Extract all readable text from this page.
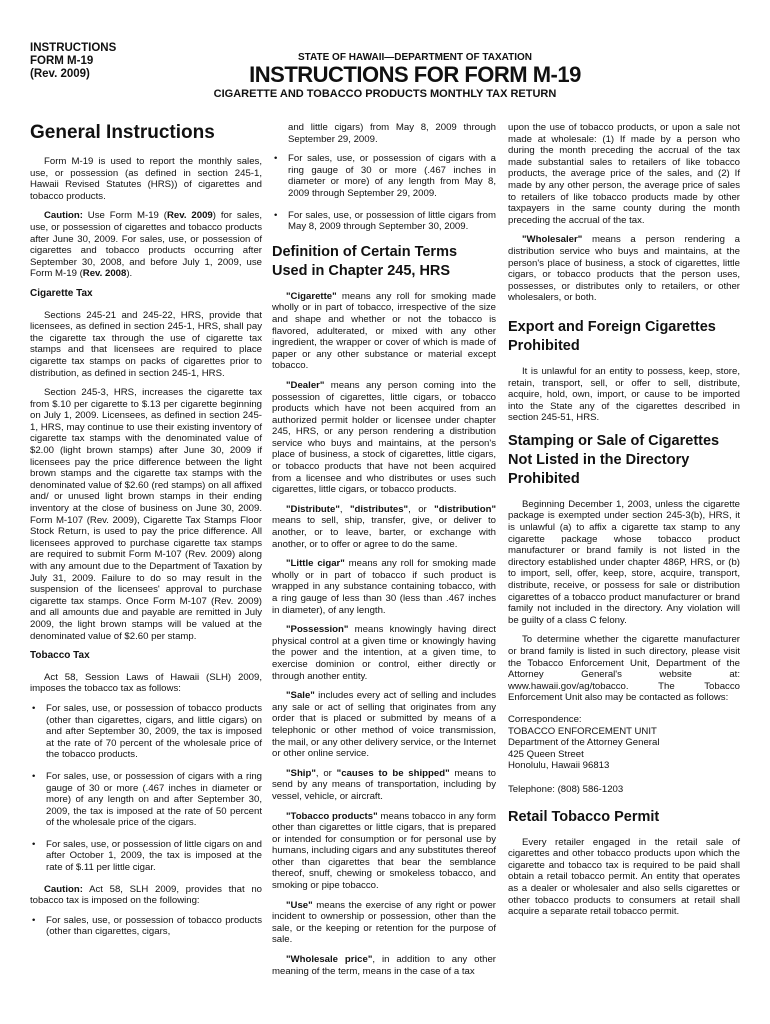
INSTRUCTIONS
FORM M-19
(Rev. 2009)
STATE OF HAWAII—DEPARTMENT OF TAXATION
INSTRUCTIONS FOR FORM M-19
CIGARETTE AND TOBACCO PRODUCTS MONTHLY TAX RETURN
General Instructions

Form M-19 is used to report the monthly sales, use, or possession (as defined in section 245-1, Hawaii Revised Statutes (HRS)) of cigarettes and tobacco products.

Caution: Use Form M-19 (Rev. 2009) for sales, use, or possession of cigarettes and tobacco products after June 30, 2009. For sales, use, or possession of cigarettes and tobacco products occurring after September 30, 2008, and before July 1, 2009, use Form M-19 (Rev. 2008).

Cigarette Tax

Sections 245-21 and 245-22, HRS, provide that licensees, as defined in section 245-1, HRS, shall pay the cigarette tax through the use of cigarette tax stamps and that licensees are required to place cigarette tax stamps on packs of cigarettes prior to distribution, as defined in section 245-1, HRS.

Section 245-3, HRS, increases the cigarette tax from $.10 per cigarette to $.13 per cigarette beginning on July 1, 2009. Licensees, as defined in section 245-1, HRS, may continue to use their existing inventory of cigarette tax stamps with the denominated value of $2.00 (light brown stamps) after June 30, 2009 if licensees pay the price difference between the light brown stamps and the cigarette tax stamps with the denominated value of $2.60 (red stamps) on all affixed and/ or unused light brown stamps in their ending inventory at the close of business on June 30, 2009. Form M-107 (Rev. 2009), Cigarette Tax Stamps Floor Stock Return, is used to pay the price difference. All licensees approved to purchase cigarette tax stamps are required to submit Form M-107 (Rev. 2009) along with any amount due to the Department of Taxation by July 31, 2009. Failure to do so may result in the suspension of the licensees' approval to purchase cigarette tax stamps. Once Form M-107 (Rev. 2009) and all amounts due and payable are remitted in July 2009, the light brown stamps will be valued at the denominated value of $2.60 per stamp.

Tobacco Tax

Act 58, Session Laws of Hawaii (SLH) 2009, imposes the tobacco tax as follows:

• For sales, use, or possession of tobacco products (other than cigarettes, cigars, and little cigars) on and after September 30, 2009, the tax is imposed at the rate of 70 percent of the wholesale price of the tobacco products.
• For sales, use, or possession of cigars with a ring gauge of 30 or more (.467 inches in diameter or more) of any length on and after September 30, 2009, the tax is imposed at the rate of 50 percent of the wholesale price of the cigars.
• For sales, use, or possession of little cigars on and after October 1, 2009, the tax is imposed at the rate of $.11 per little cigar.

Caution: Act 58, SLH 2009, provides that no tobacco tax is imposed on the following:

• For sales, use, or possession of tobacco products (other than cigarettes, cigars,

and little cigars) from May 8, 2009 through September 29, 2009.

• For sales, use, or possession of cigars with a ring gauge of 30 or more (.467 inches in diameter or more) of any length from May 8, 2009 through September 29, 2009.
• For sales, use, or possession of little cigars from May 8, 2009 through September 30, 2009.
Definition of Certain Terms Used in Chapter 245, HRS

"Cigarette" means any roll for smoking made wholly or in part of tobacco, irrespective of the size and shape and whether or not the tobacco is flavored, adulterated, or mixed with any other ingredient, the wrapper or cover of which is made of paper or any other substance or material except tobacco.

"Dealer" means any person coming into the possession of cigarettes, little cigars, or tobacco products which have not been acquired from an authorized permit holder or licensee under chapter 245, HRS, or any person rendering a distribution service who buys and maintains, at the person's place of business, a stock of cigarettes, little cigars, or tobacco products that have not been acquired from a licensee and who distributes or uses such cigarettes, little cigars, or tobacco products.

"Distribute", "distributes", or "distribution" means to sell, ship, transfer, give, or deliver to another, or to leave, barter, or exchange with another, or to offer or agree to do the same.

"Little cigar" means any roll for smoking made wholly or in part of tobacco if such product is wrapped in any substance containing tobacco, with a ring gauge of less than 30 (less than .467 inches in diameter), of any length.

"Possession" means knowingly having direct physical control at a given time or knowingly having the power and the intention, at a given time, to exercise dominion or control, either directly or through another entity.

"Sale" includes every act of selling and includes any sale or act of selling that originates from any order that is placed or submitted by means of a telephonic or other method of voice transmission, the mail, or any other delivery service, or the Internet or other online service.

"Ship", or "causes to be shipped" means to send by any means of transportation, including by vessel, vehicle, or aircraft.

"Tobacco products" means tobacco in any form other than cigarettes or little cigars, that is prepared or intended for consumption or for personal use by humans, including cigars and any substitutes thereof other than cigarettes that bear the semblance thereof, snuff, chewing or smokeless tobacco, and smoking or pipe tobacco.

"Use" means the exercise of any right or power incident to ownership or possession, other than the sale, or the keeping or retention for the purpose of sale.

"Wholesale price", in addition to any other meaning of the term, means in the case of a tax

upon the use of tobacco products, or upon a sale not made at wholesale: (1) If made by a person who during the month preceding the accrual of the tax made substantial sales to retailers of like tobacco products, the average price of the sales, and (2) If made by any other person, the average price of sales to retailers of like tobacco products made by other taxpayers in the same county during the month preceding the accrual of the tax.

"Wholesaler" means a person rendering a distribution service who buys and maintains, at the person's place of business, a stock of cigarettes, little cigars, or tobacco products that the person uses, possesses, or distributes only to retailers, or other wholesalers, or both.

Export and Foreign Cigarettes Prohibited

It is unlawful for an entity to possess, keep, store, retain, transport, sell, or offer to sell, distribute, acquire, hold, own, import, or cause to be imported into the State any of the cigarettes described in section 245-51, HRS.

Stamping or Sale of Cigarettes Not Listed in the Directory Prohibited

Beginning December 1, 2003, unless the cigarette package is exempted under section 245-3(b), HRS, it is unlawful (a) to affix a cigarette tax stamp to any cigarette package whose tobacco product manufacturer or brand family is not listed in the directory established under chapter 486P, HRS, or (b) to import, sell, offer, keep, store, acquire, transport, distribute, receive, or possess for sale or distribution cigarettes of a tobacco product manufacturer or brand family not included in the directory. Any violation will be guilty of a class C felony.

To determine whether the cigarette manufacturer or brand family is listed in such directory, please visit the Tobacco Enforcement Unit, Department of the Attorney General's website at: www.hawaii.gov/ag/tobacco. The Tobacco Enforcement Unit also may be contacted as follows:

Correspondence:
TOBACCO ENFORCEMENT UNIT
Department of the Attorney General
425 Queen Street
Honolulu, Hawaii 96813

Telephone: (808) 586-1203

Retail Tobacco Permit

Every retailer engaged in the retail sale of cigarettes and other tobacco products upon which the cigarette and tobacco tax is required to be paid shall obtain a retail tobacco permit. An entity that operates as a dealer or wholesaler and also sells cigarettes or other tobacco products to consumers at retail shall acquire a separate retail tobacco permit.
